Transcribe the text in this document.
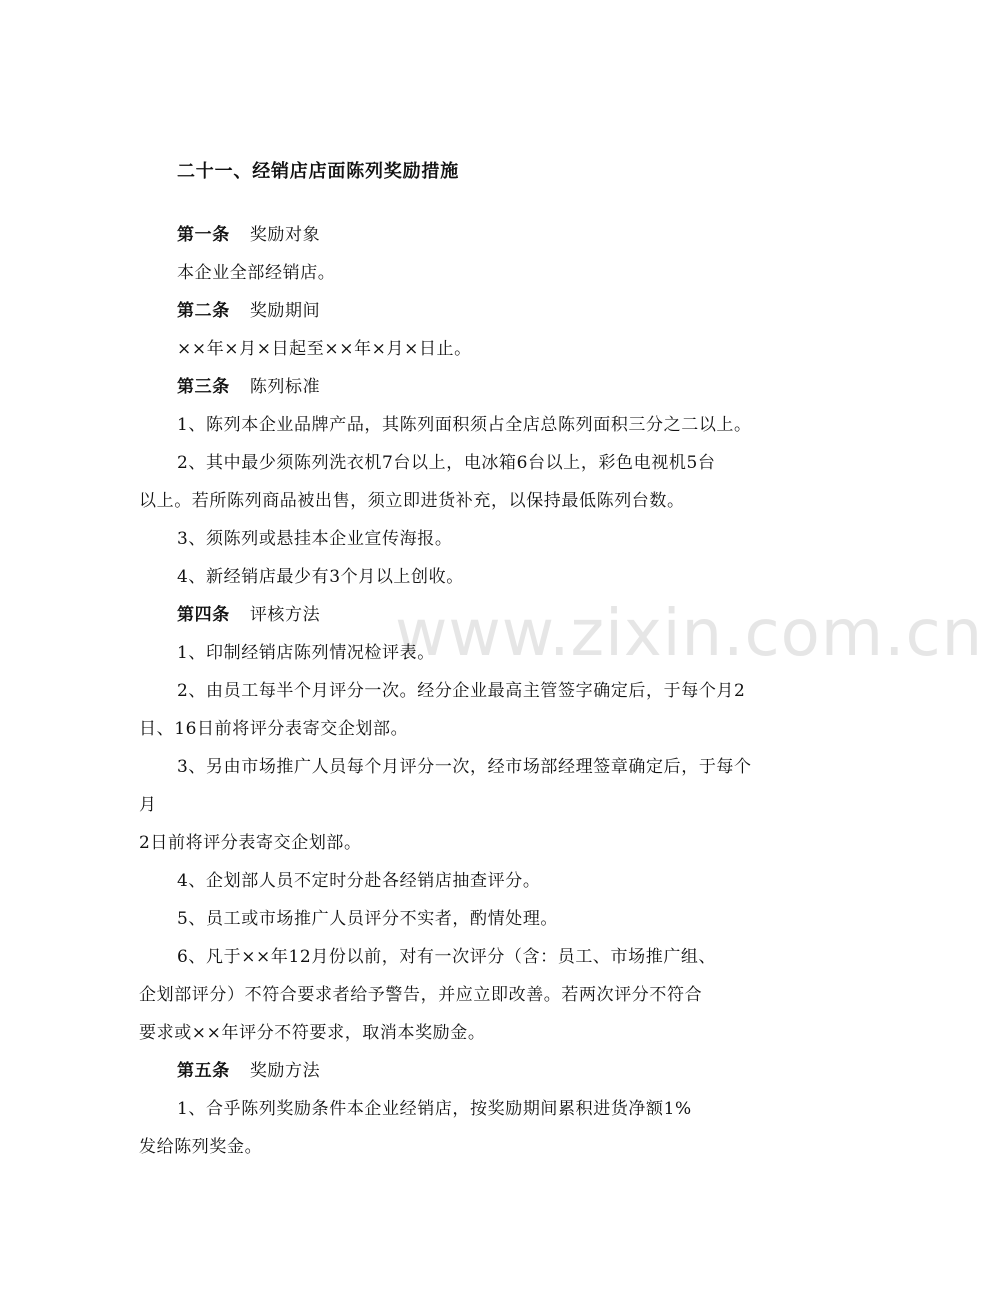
www.zixin.com.cn
二十一、经销店店面陈列奖励措施
第一条 奖励对象
本企业全部经销店。
第二条 奖励期间
××年×月×日起至××年×月×日止。
第三条 陈列标准
1、陈列本企业品牌产品，其陈列面积须占全店总陈列面积三分之二以上。
2、其中最少须陈列洗衣机7台以上，电冰箱6台以上，彩色电视机5台
以上。若所陈列商品被出售，须立即进货补充，以保持最低陈列台数。
3、须陈列或悬挂本企业宣传海报。
4、新经销店最少有3个月以上创收。
第四条 评核方法
1、印制经销店陈列情况检评表。
2、由员工每半个月评分一次。经分企业最高主管签字确定后，于每个月2
日、16日前将评分表寄交企划部。
3、另由市场推广人员每个月评分一次，经市场部经理签章确定后，于每个
月
2日前将评分表寄交企划部。
4、企划部人员不定时分赴各经销店抽查评分。
5、员工或市场推广人员评分不实者，酌情处理。
6、凡于××年12月份以前，对有一次评分（含：员工、市场推广组、
企划部评分）不符合要求者给予警告，并应立即改善。若两次评分不符合
要求或××年评分不符要求，取消本奖励金。
第五条 奖励方法
1、合乎陈列奖励条件本企业经销店，按奖励期间累积进货净额1%
发给陈列奖金。
